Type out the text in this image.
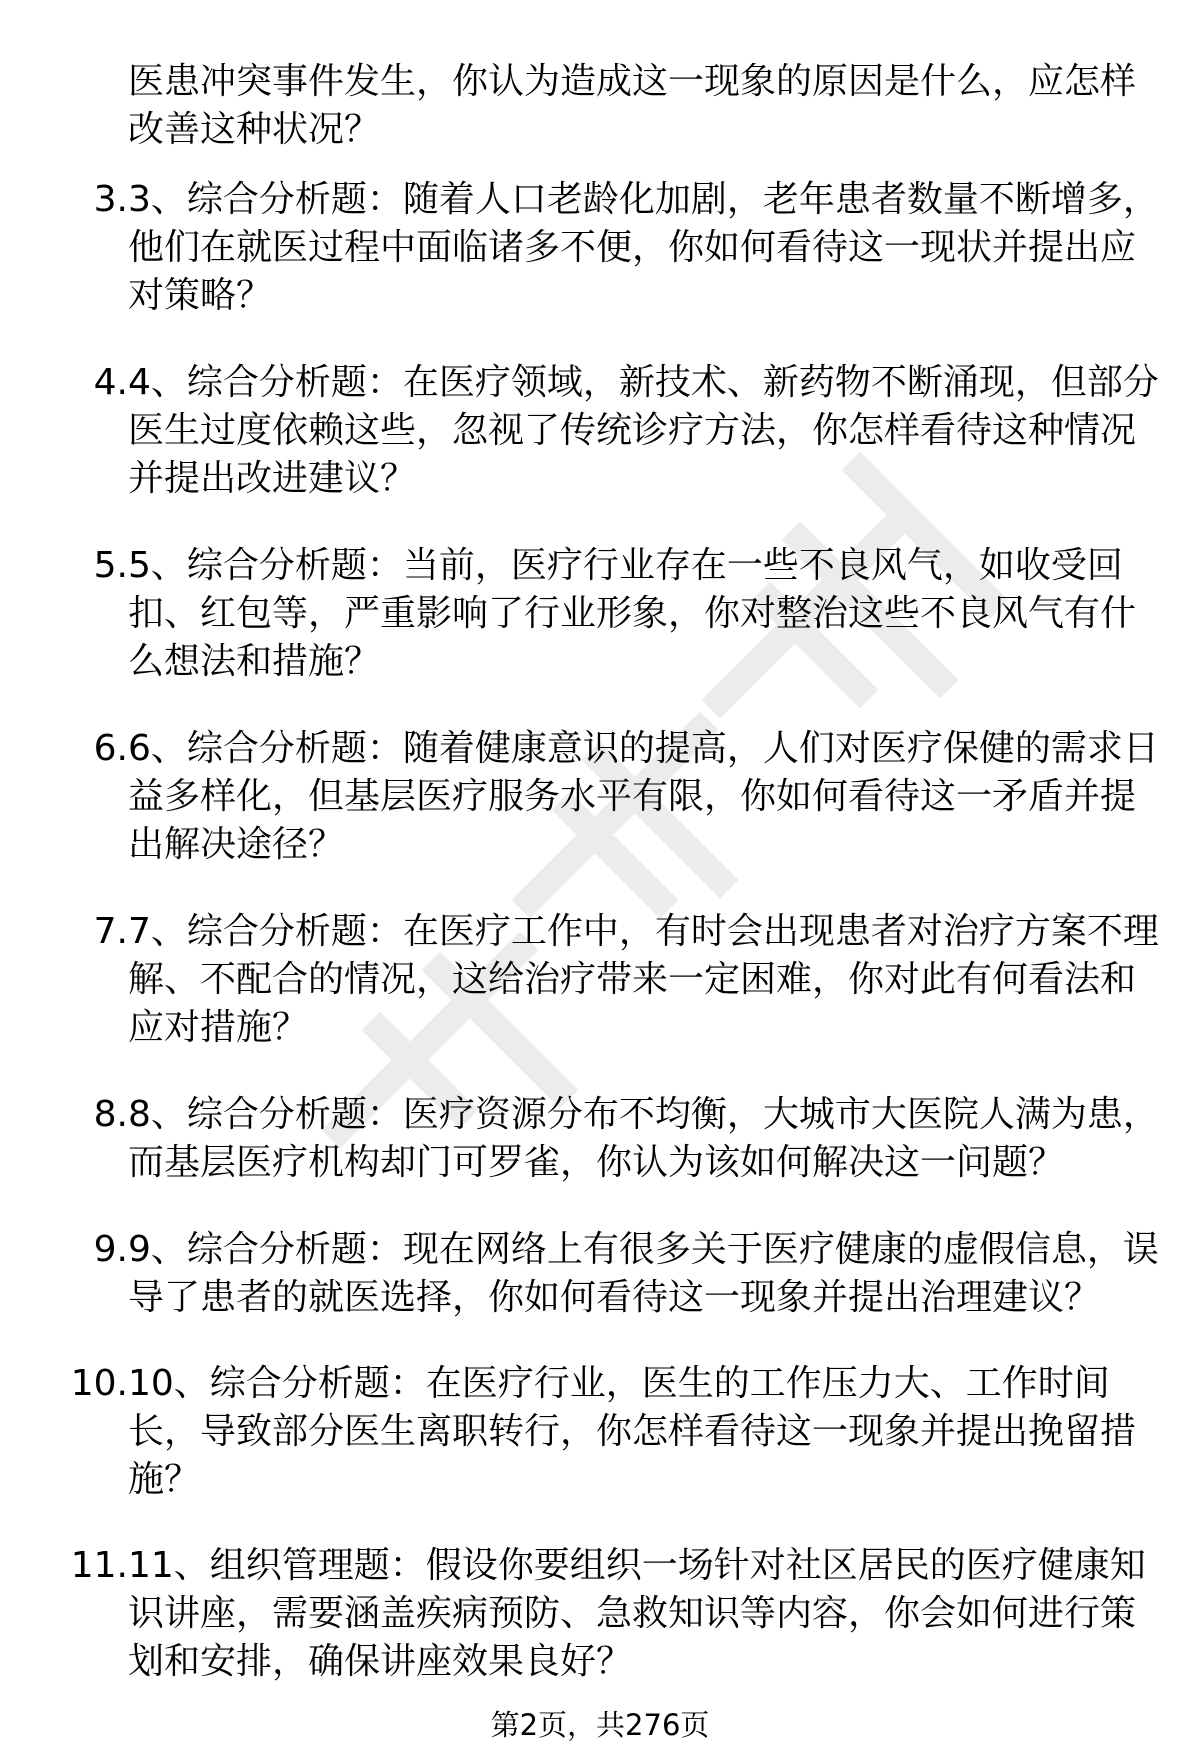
医患冲突事件发生，你认为造成这一现象的原因是什么，应怎样改善这种状况？

3. 3、综合分析题：随着人口老龄化加剧，老年患者数量不断增多，他们在就医过程中面临诸多不便，你如何看待这一现状并提出应对策略？
4. 4、综合分析题：在医疗领域，新技术、新药物不断涌现，但部分医生过度依赖这些，忽视了传统诊疗方法，你怎样看待这种情况并提出改进建议？
5. 5、综合分析题：当前，医疗行业存在一些不良风气，如收受回扣、红包等，严重影响了行业形象，你对整治这些不良风气有什么想法和措施？
6. 6、综合分析题：随着健康意识的提高，人们对医疗保健的需求日益多样化，但基层医疗服务水平有限，你如何看待这一矛盾并提出解决途径？
7. 7、综合分析题：在医疗工作中，有时会出现患者对治疗方案不理解、不配合的情况，这给治疗带来一定困难，你对此有何看法和应对措施？
8. 8、综合分析题：医疗资源分布不均衡，大城市大医院人满为患，而基层医疗机构却门可罗雀，你认为该如何解决这一问题？
9. 9、综合分析题：现在网络上有很多关于医疗健康的虚假信息，误导了患者的就医选择，你如何看待这一现象并提出治理建议？
10. 10、综合分析题：在医疗行业，医生的工作压力大、工作时间长，导致部分医生离职转行，你怎样看待这一现象并提出挽留措施？
11. 11、组织管理题：假设你要组织一场针对社区居民的医疗健康知识讲座，需要涵盖疾病预防、急救知识等内容，你会如何进行策划和安排，确保讲座效果良好？
第2页，共276页
